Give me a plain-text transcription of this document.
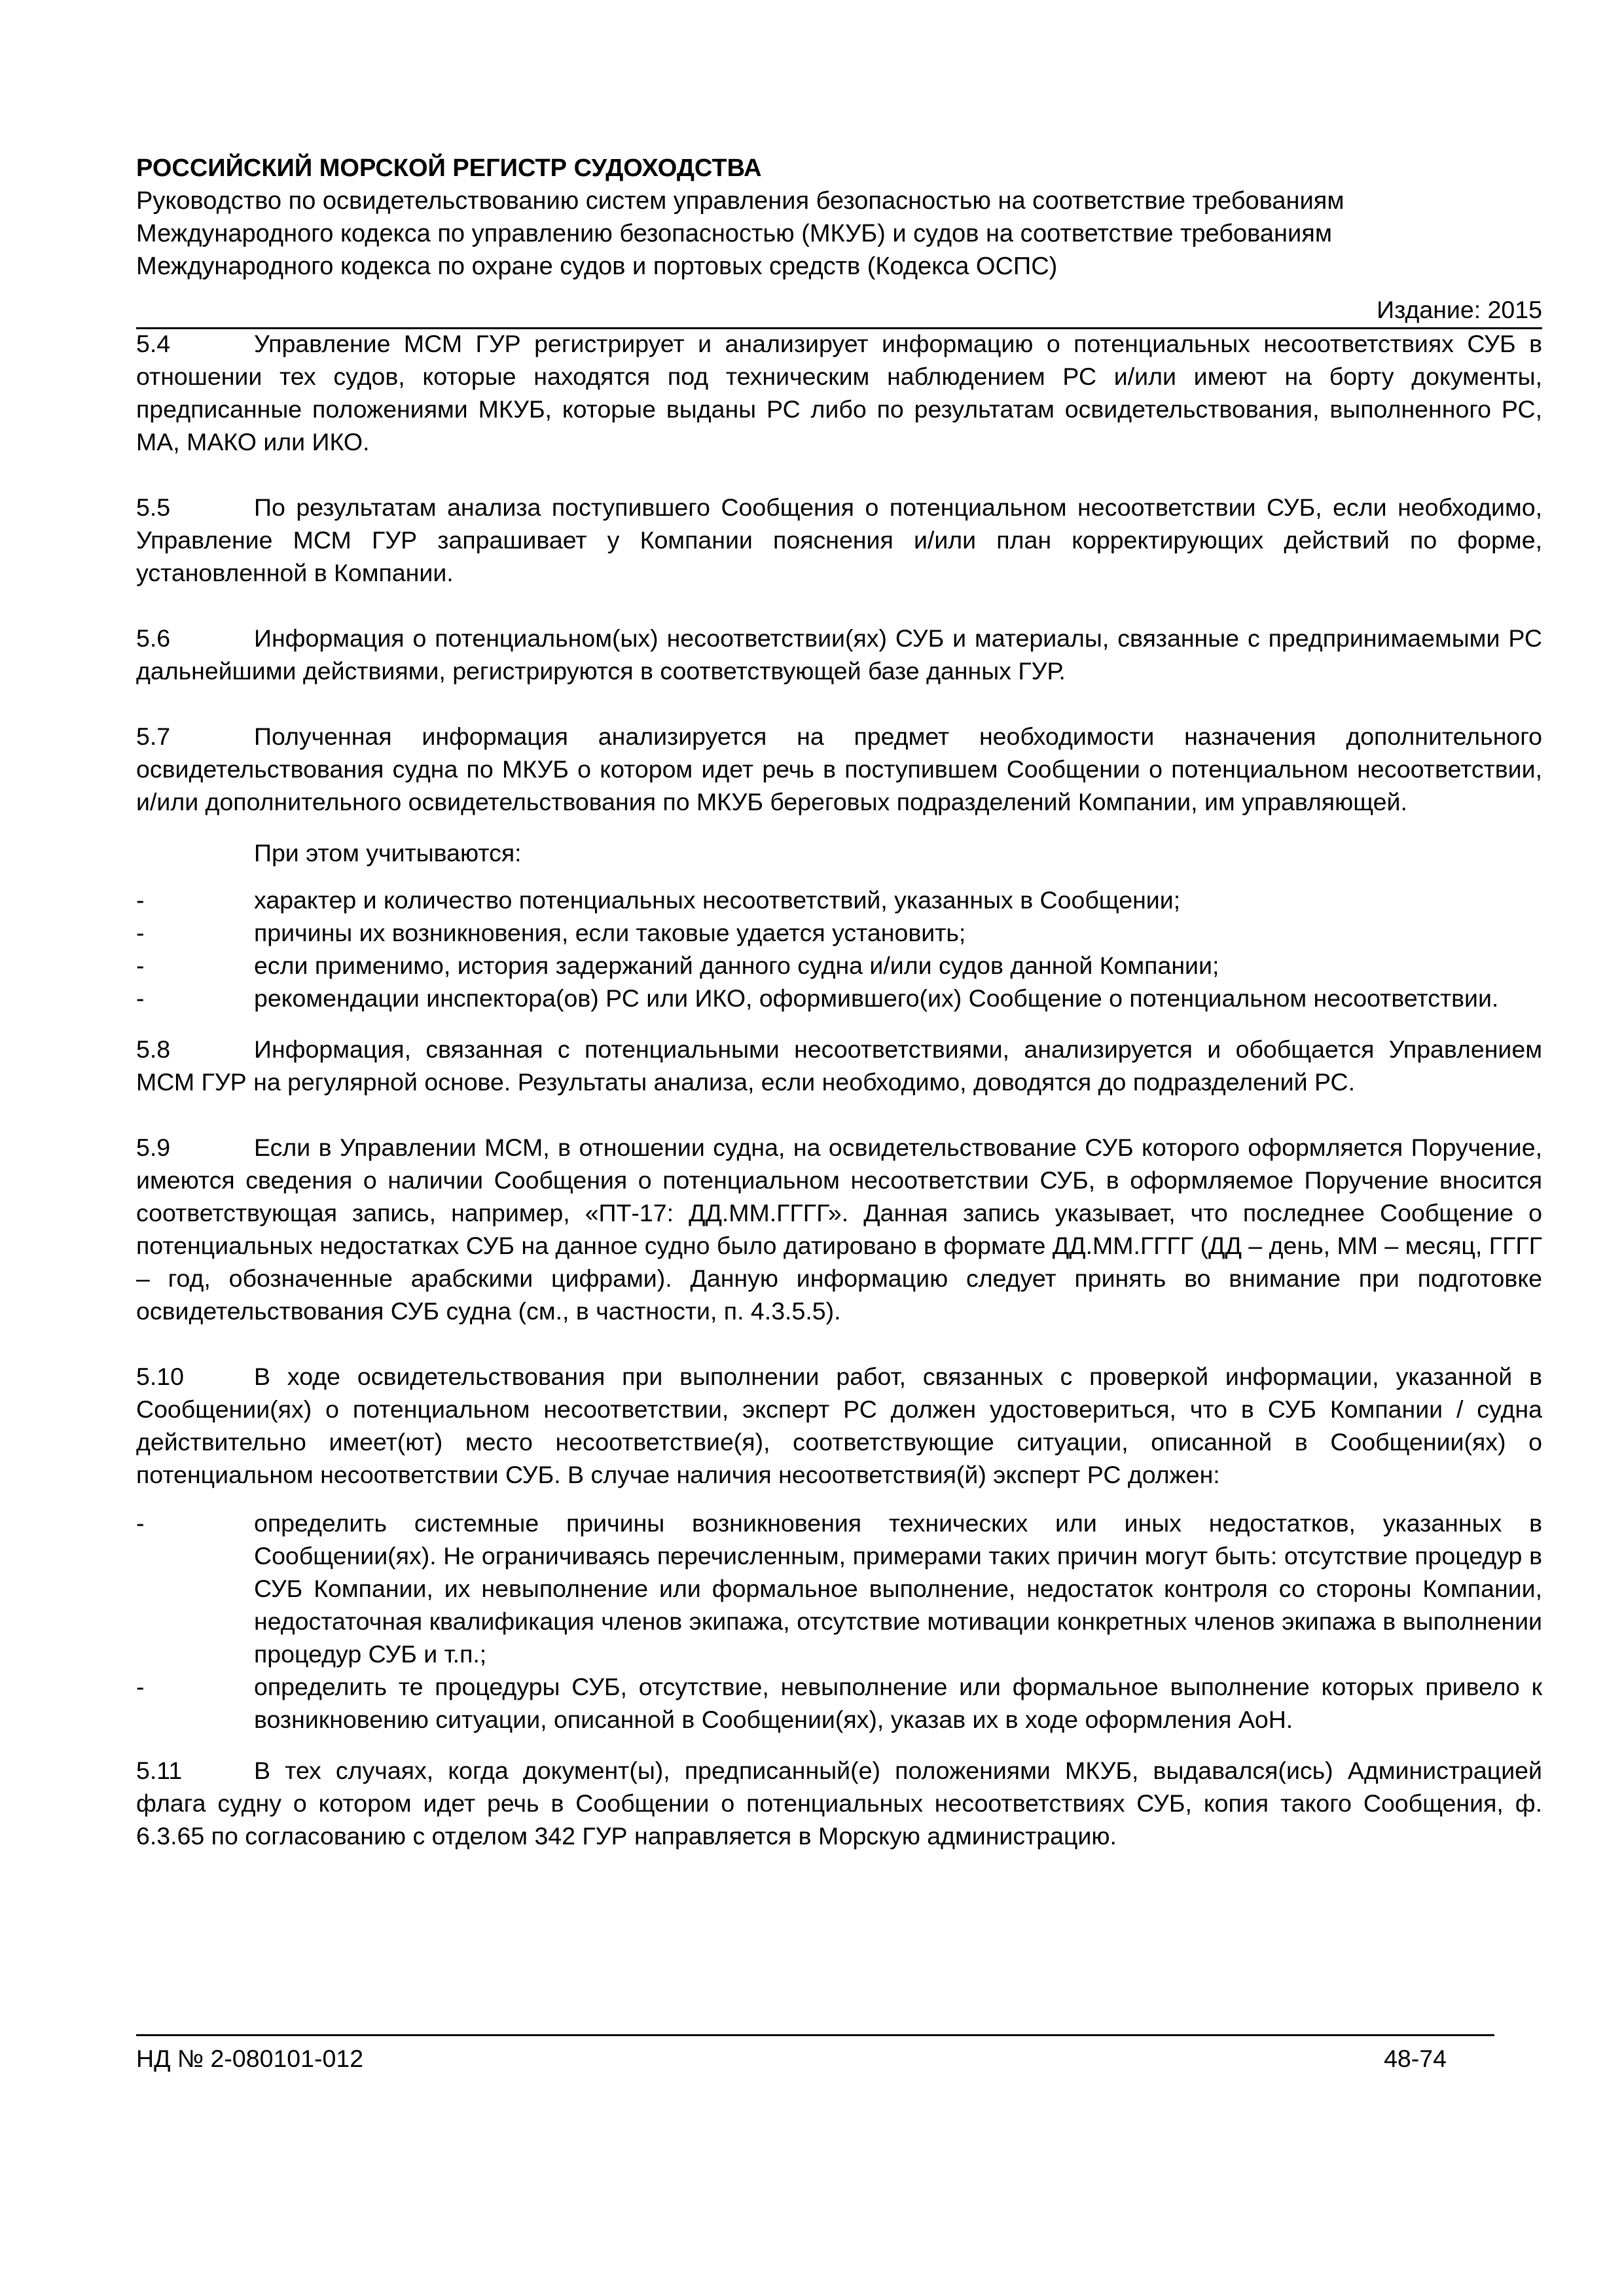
РОССИЙСКИЙ МОРСКОЙ РЕГИСТР СУДОХОДСТВА
Руководство по освидетельствованию систем управления безопасностью на соответствие требованиям
Международного кодекса по управлению безопасностью (МКУБ) и судов на соответствие требованиям
Международного кодекса по охране судов и портовых средств (Кодекса ОСПС)
Издание: 2015

5.4	Управление МСМ ГУР регистрирует и анализирует информацию о потенциальных несоответствиях СУБ в отношении тех судов, которые находятся под техническим наблюдением РС и/или имеют на борту документы, предписанные положениями МКУБ, которые выданы РС либо по результатам освидетельствования, выполненного РС, МА, МАКО или ИКО.

5.5	По результатам анализа поступившего Сообщения о потенциальном несоответствии СУБ, если необходимо, Управление МСМ ГУР запрашивает у Компании пояснения и/или план корректирующих действий по форме, установленной в Компании.

5.6	Информация о потенциальном(ых) несоответствии(ях) СУБ и материалы, связанные с предпринимаемыми РС дальнейшими действиями, регистрируются в соответствующей базе данных ГУР.

5.7	Полученная информация анализируется на предмет необходимости назначения дополнительного освидетельствования судна по МКУБ о котором идет речь в поступившем Сообщении о потенциальном несоответствии, и/или дополнительного освидетельствования по МКУБ береговых подразделений Компании, им управляющей.

При этом учитываются:

-	характер и количество потенциальных несоответствий, указанных в Сообщении;
-	причины их возникновения, если таковые удается установить;
-	если применимо, история задержаний данного судна и/или судов данной Компании;
-	рекомендации инспектора(ов) РС или ИКО, оформившего(их) Сообщение о потенциальном несоответствии.

5.8	Информация, связанная с потенциальными несоответствиями, анализируется и обобщается Управлением МСМ ГУР на регулярной основе. Результаты анализа, если необходимо, доводятся до подразделений РС.

5.9	Если в Управлении МСМ, в отношении судна, на освидетельствование СУБ которого оформляется Поручение, имеются сведения о наличии Сообщения о потенциальном несоответствии СУБ, в оформляемое Поручение вносится соответствующая запись, например, «ПТ-17: ДД.ММ.ГГГГ». Данная запись указывает, что последнее Сообщение о потенциальных недостатках СУБ на данное судно было датировано в формате ДД.ММ.ГГГГ (ДД – день, ММ – месяц, ГГГГ – год, обозначенные арабскими цифрами). Данную информацию следует принять во внимание при подготовке освидетельствования СУБ судна (см., в частности, п. 4.3.5.5).

5.10	В ходе освидетельствования при выполнении работ, связанных с проверкой информации, указанной в Сообщении(ях) о потенциальном несоответствии, эксперт РС должен удостовериться, что в СУБ Компании / судна действительно имеет(ют) место несоответствие(я), соответствующие ситуации, описанной в Сообщении(ях) о потенциальном несоответствии СУБ. В случае наличия несоответствия(й) эксперт РС должен:

-	определить системные причины возникновения технических или иных недостатков, указанных в Сообщении(ях). Не ограничиваясь перечисленным, примерами таких причин могут быть: отсутствие процедур в СУБ Компании, их невыполнение или формальное выполнение, недостаток контроля со стороны Компании, недостаточная квалификация членов экипажа, отсутствие мотивации конкретных членов экипажа в выполнении процедур СУБ и т.п.;
-	определить те процедуры СУБ, отсутствие, невыполнение или формальное выполнение которых привело к возникновению ситуации, описанной в Сообщении(ях), указав их в ходе оформления AoH.

5.11	В тех случаях, когда документ(ы), предписанный(е) положениями МКУБ, выдавался(ись) Администрацией флага судну о котором идет речь в Сообщении о потенциальных несоответствиях СУБ, копия такого Сообщения, ф. 6.3.65 по согласованию с отделом 342 ГУР направляется в Морскую администрацию.

НД № 2-080101-012	48-74
